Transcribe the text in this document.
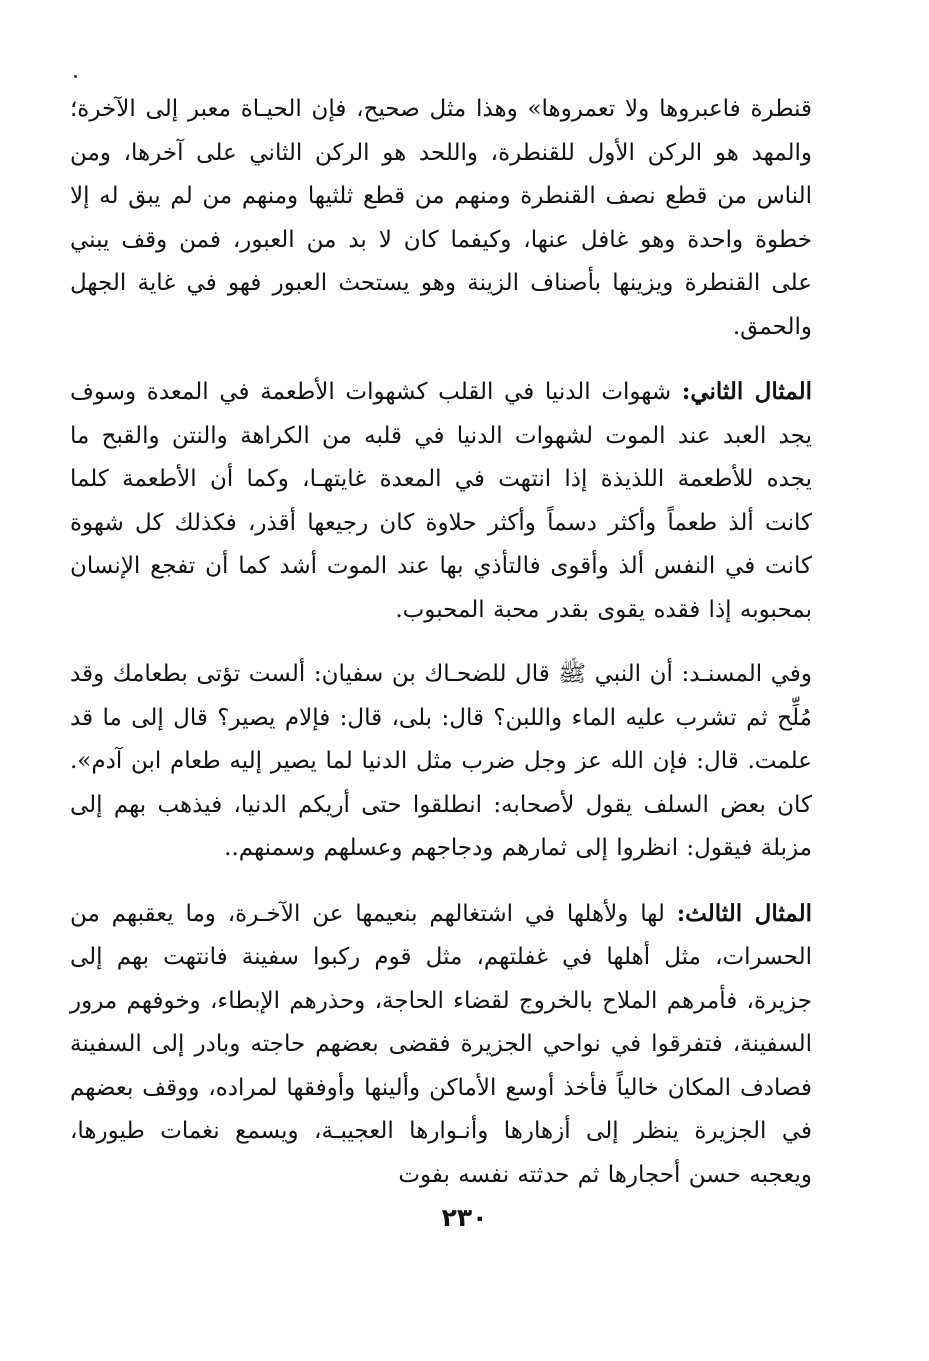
قنطرة فاعبروها ولا تعمروها» وهذا مثل صحيح، فإن الحيـاة معبر إلى الآخرة؛ والمهد هو الركن الأول للقنطرة، واللحد هو الركن الثاني على آخرها، ومن الناس من قطع نصف القنطرة ومنهم من قطع ثلثيها ومنهم من لم يبق له إلا خطوة واحدة وهو غافل عنها، وكيفما كان لا بد من العبور، فمن وقف يبني على القنطرة ويزينها بأصناف الزينة وهو يستحث العبور فهو في غاية الجهل والحمق.

المثال الثاني: شهوات الدنيا في القلب كشهوات الأطعمة في المعدة وسوف يجد العبد عند الموت لشهوات الدنيا في قلبه من الكراهة والنتن والقبح ما يجده للأطعمة اللذيذة إذا انتهت في المعدة غايتهـا، وكما أن الأطعمة كلما كانت ألذ طعماً وأكثر دسماً وأكثر حلاوة كان رجيعها أقذر، فكذلك كل شهوة كانت في النفس ألذ وأقوى فالتأذي بها عند الموت أشد كما أن تفجع الإنسان بمحبوبه إذا فقده يقوى بقدر محبة المحبوب.

وفي المسنـد: أن النبي ﷺ قال للضحـاك بن سفيان: ألست تؤتى بطعامك وقد مُلِّح ثم تشرب عليه الماء واللبن؟ قال: بلى، قال: فإلام يصير؟ قال إلى ما قد علمت. قال: فإن الله عز وجل ضرب مثل الدنيا لما يصير إليه طعام ابن آدم». كان بعض السلف يقول لأصحابه: انطلقوا حتى أريكم الدنيا، فيذهب بهم إلى مزبلة فيقول: انظروا إلى ثمارهم ودجاجهم وعسلهم وسمنهم..

المثال الثالث: لها ولأهلها في اشتغالهم بنعيمها عن الآخـرة، وما يعقبهم من الحسرات، مثل أهلها في غفلتهم، مثل قوم ركبوا سفينة فانتهت بهم إلى جزيرة، فأمرهم الملاح بالخروج لقضاء الحاجة، وحذرهم الإبطاء، وخوفهم مرور السفينة، فتفرقوا في نواحي الجزيرة فقضى بعضهم حاجته وبادر إلى السفينة فصادف المكان خالياً فأخذ أوسع الأماكن وألينها وأوفقها لمراده، ووقف بعضهم في الجزيرة ينظر إلى أزهارها وأنـوارها العجيبـة، ويسمع نغمات طيورها، ويعجبه حسن أحجارها ثم حدثته نفسه بفوت

٢٣٠
